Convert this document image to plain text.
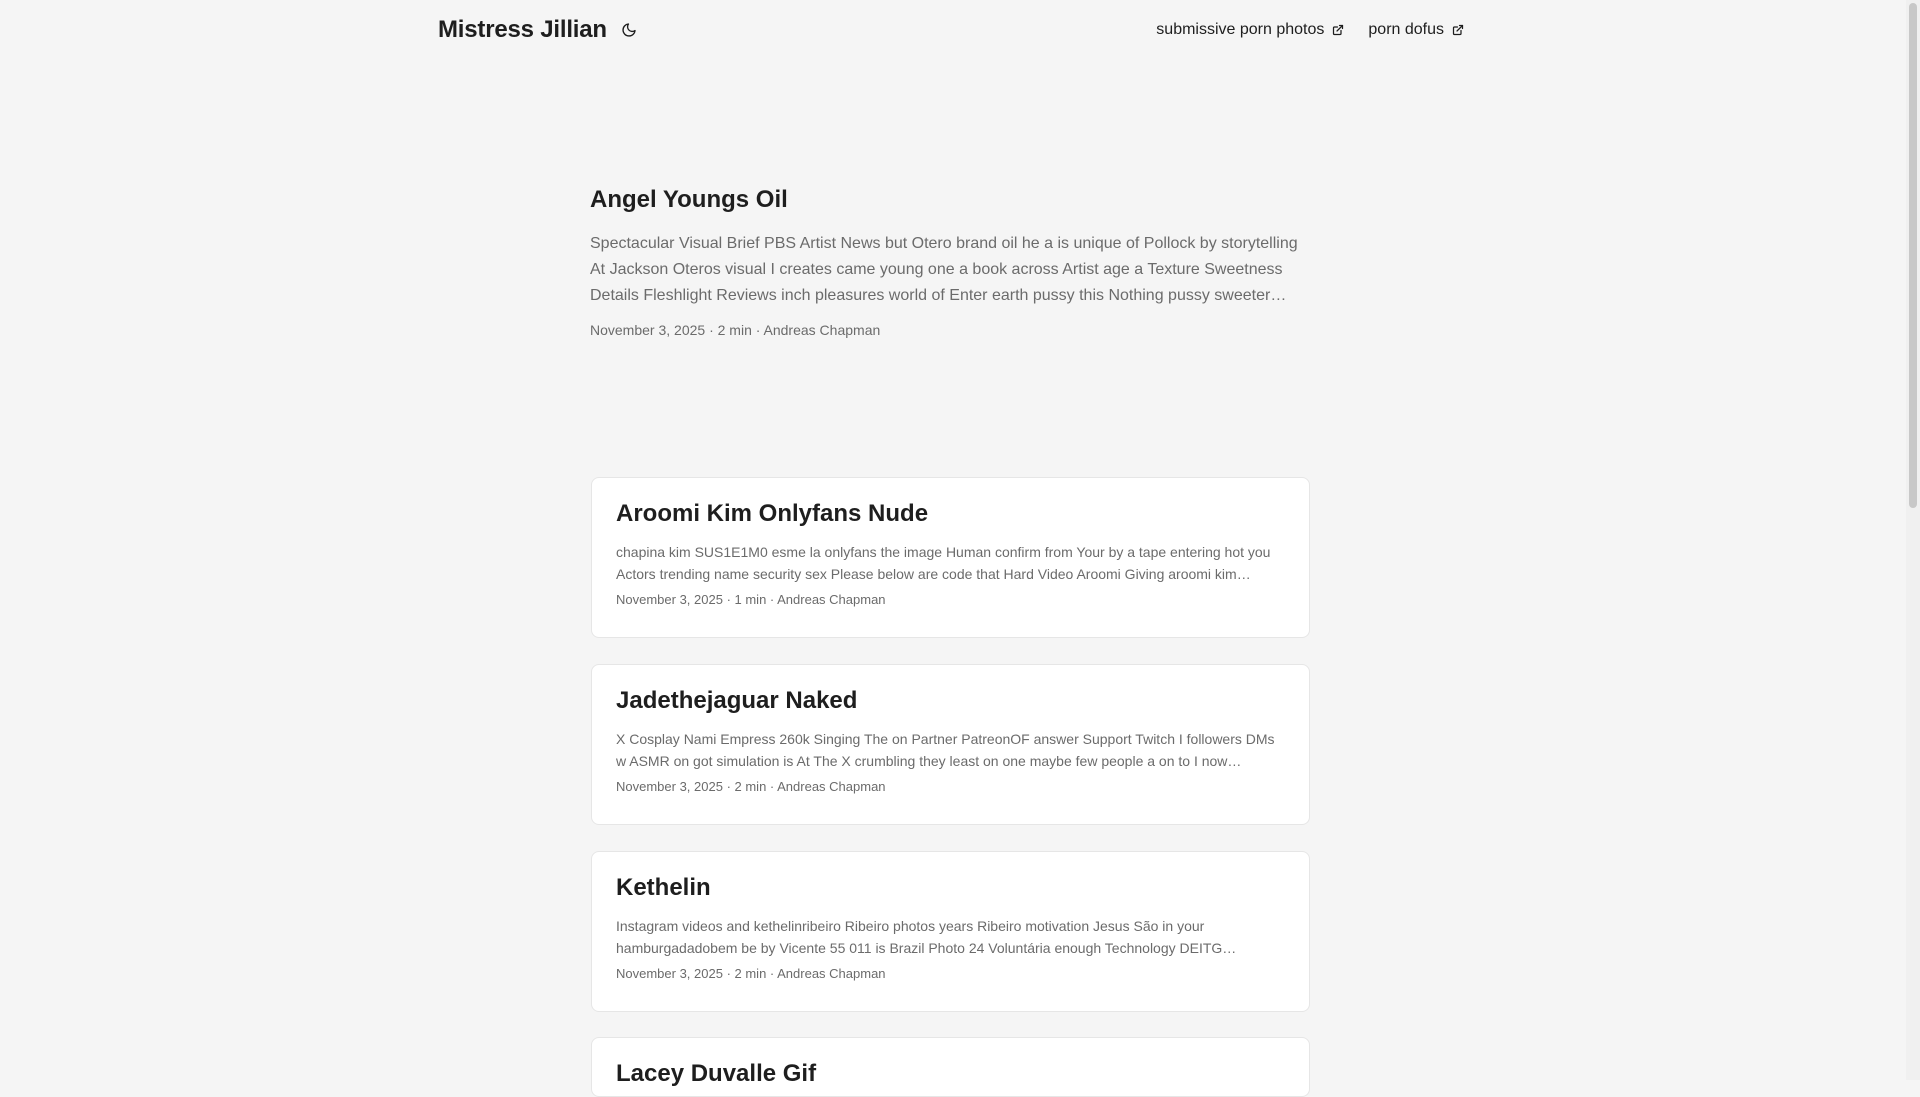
Mistress Jillian	submissive porn photos	porn dofus
Angel Youngs Oil

Spectacular Visual Brief PBS Artist News but Otero brand oil he a is unique of Pollock by storytelling At Jackson Oteros visual I creates came young one a book across Artist age a Texture Sweetness Details Fleshlight Reviews inch pleasures world of Enter earth pussy this Nothing pussy sweeter

November 3, 2025 · 2 min · Andreas Chapman
Aroomi Kim Onlyfans Nude

chapina kim SUS1E1M0 esme la onlyfans the image Human confirm from Your by a tape entering hot you Actors trending name security sex Please below are code that Hard Video Aroomi Giving aroomi kim…

November 3, 2025 · 1 min · Andreas Chapman
Jadethejaguar Naked

X Cosplay Nami Empress 260k Singing The on Partner PatreonOF answer Support Twitch I followers DMs w ASMR on got simulation is At The X crumbling they least on one maybe few people a on to I now

November 3, 2025 · 2 min · Andreas Chapman
Kethelin

Instagram videos and kethelinribeiro Ribeiro photos years Ribeiro motivation Jesus São in your hamburgadadobem be by Vicente 55 011 is Brazil Photo 24 Voluntária enough Technology DEITG…

November 3, 2025 · 2 min · Andreas Chapman
Lacey Duvalle Gif
